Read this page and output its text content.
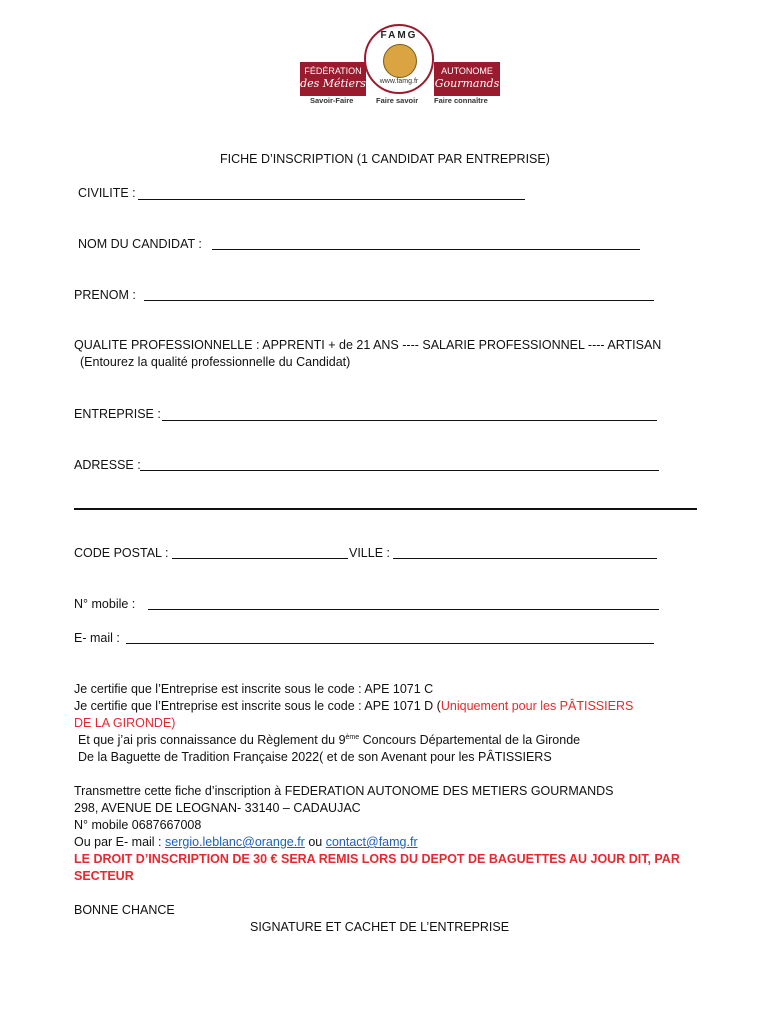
FÉDÉRATION
des Métiers
AUTONOME
Gourmands
FAMG
www.famg.fr
Savoir-Faire	Faire savoir Faire connaître
FICHE D’INSCRIPTION (1 CANDIDAT PAR ENTREPRISE)
CIVILITE :
NOM DU CANDIDAT :
PRENOM :
QUALITE PROFESSIONNELLE : APPRENTI + de 21 ANS ---- SALARIE PROFESSIONNEL ---- ARTISAN
(Entourez la qualité professionnelle du Candidat)
ENTREPRISE :
ADRESSE :
CODE POSTAL :	VILLE :
N° mobile :
E- mail :
Je certifie que l’Entreprise est inscrite sous le code : APE 1071 C
Je certifie que l’Entreprise est inscrite sous le code : APE 1071 D (Uniquement pour les PÂTISSIERS
DE LA GIRONDE)
Et que j’ai pris connaissance du Règlement du 9ème Concours Départemental de la Gironde
De la Baguette de Tradition Française 2022( et de son Avenant pour les PÂTISSIERS
Transmettre cette fiche d’inscription à FEDERATION AUTONOME DES METIERS GOURMANDS
298, AVENUE DE LEOGNAN- 33140 – CADAUJAC
N° mobile 0687667008
Ou par E- mail : sergio.leblanc@orange.fr ou contact@famg.fr
LE DROIT D’INSCRIPTION DE 30 € SERA REMIS LORS DU DEPOT DE BAGUETTES AU JOUR DIT, PAR
SECTEUR
BONNE CHANCE
SIGNATURE ET CACHET DE L’ENTREPRISE
